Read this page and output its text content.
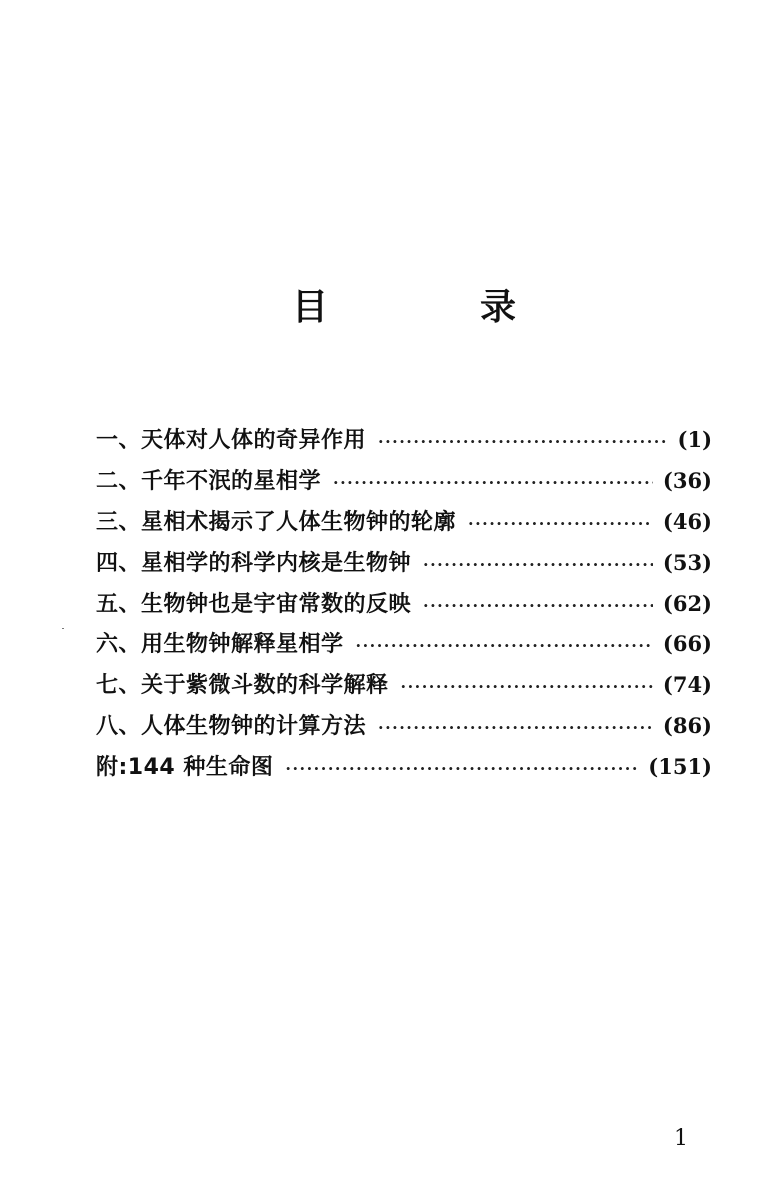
目	录
一、天体对人体的奇异作用 ·····	(1)
二、千年不泯的星相学 ·····	(36)
三、星相术揭示了人体生物钟的轮廓 ·····	(46)
四、星相学的科学内核是生物钟 ·····	(53)
五、生物钟也是宇宙常数的反映 ·····	(62)
六、用生物钟解释星相学 ·····	(66)
七、关于紫微斗数的科学解释 ·····	(74)
八、人体生物钟的计算方法 ·····	(86)
附:144 种生命图 ·····	(151)
1
